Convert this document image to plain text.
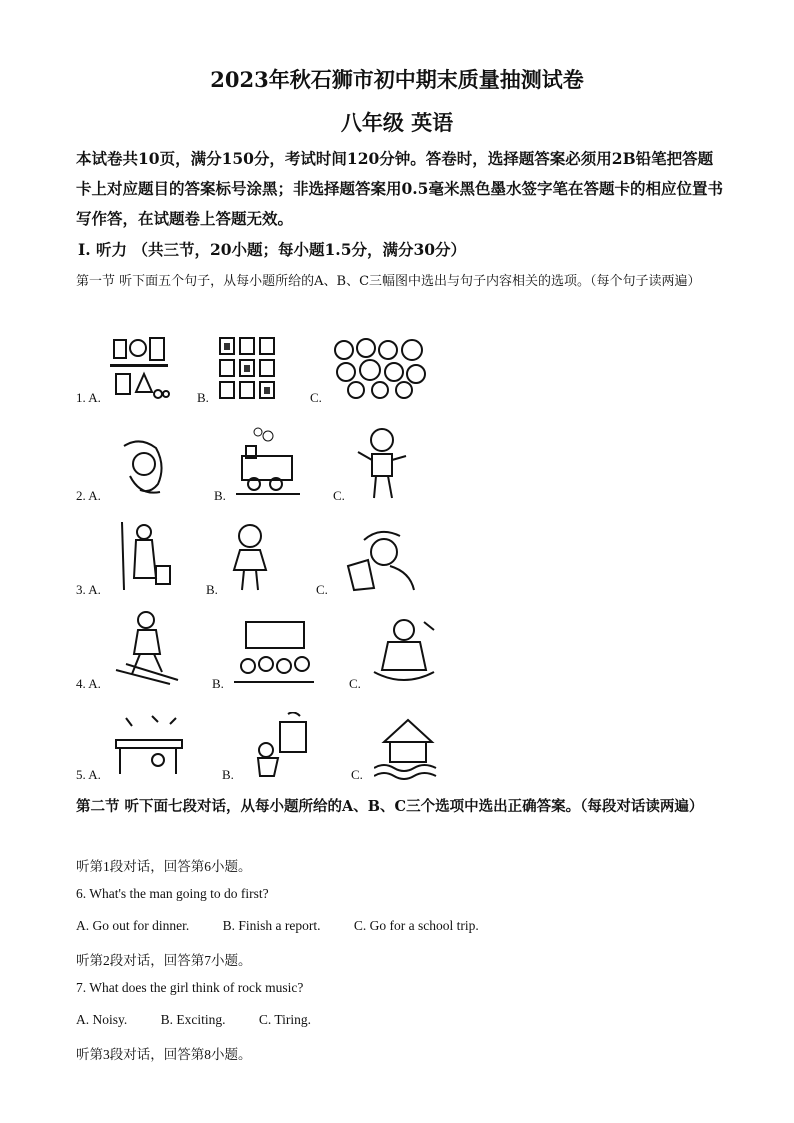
2023年秋石狮市初中期末质量抽测试卷
八年级 英语
本试卷共10页，满分150分，考试时间120分钟。答卷时，选择题答案必须用2B铅笔把答题卡上对应题目的答案标号涂黑；非选择题答案用0.5毫米黑色墨水签字笔在答题卡的相应位置书写作答，在试题卷上答题无效。
Ⅰ. 听力 （共三节，20小题；每小题1.5分，满分30分）
第一节 听下面五个句子，从每小题所给的A、B、C三幅图中选出与句子内容相关的选项。（每个句子读两遍）
1. A.	B.	C.
2. A.	B.	C.
3. A.	B.	C.
4. A.	B.	C.
5. A.	B.	C.
第二节 听下面七段对话，从每小题所给的A、B、C三个选项中选出正确答案。（每段对话读两遍）
听第1段对话，回答第6小题。
6. What's the man going to do first?
A. Go out for dinner. B. Finish a report. C. Go for a school trip.
听第2段对话，回答第7小题。
7. What does the girl think of rock music?
A. Noisy. B. Exciting. C. Tiring.
听第3段对话，回答第8小题。
